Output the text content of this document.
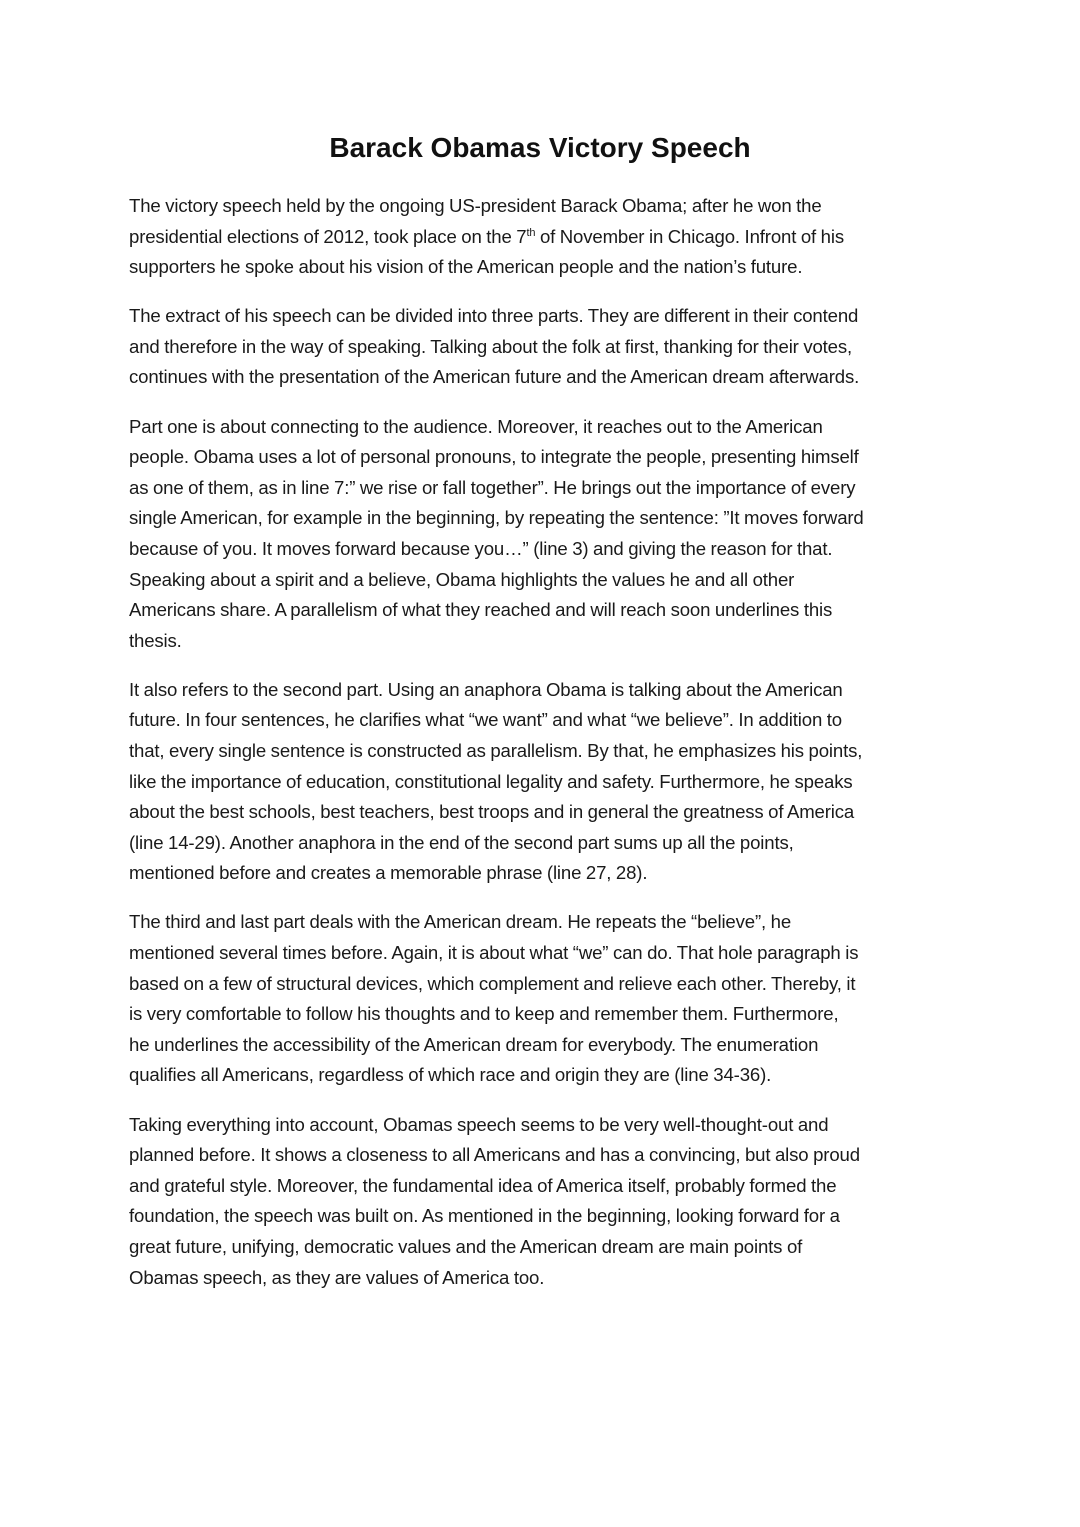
Barack Obamas Victory Speech

The victory speech held by the ongoing US-president Barack Obama; after he won the
presidential elections of 2012, took place on the 7th of November in Chicago. Infront of his
supporters he spoke about his vision of the American people and the nation’s future.

The extract of his speech can be divided into three parts. They are different in their contend
and therefore in the way of speaking. Talking about the folk at first, thanking for their votes,
continues with the presentation of the American future and the American dream afterwards.

Part one is about connecting to the audience. Moreover, it reaches out to the American
people. Obama uses a lot of personal pronouns, to integrate the people, presenting himself
as one of them, as in line 7:” we rise or fall together”. He brings out the importance of every
single American, for example in the beginning, by repeating the sentence: ”It moves forward
because of you. It moves forward because you…” (line 3) and giving the reason for that.
Speaking about a spirit and a believe, Obama highlights the values he and all other
Americans share. A parallelism of what they reached and will reach soon underlines this
thesis.

It also refers to the second part. Using an anaphora Obama is talking about the American
future. In four sentences, he clarifies what “we want” and what “we believe”. In addition to
that, every single sentence is constructed as parallelism. By that, he emphasizes his points,
like the importance of education, constitutional legality and safety. Furthermore, he speaks
about the best schools, best teachers, best troops and in general the greatness of America
(line 14-29). Another anaphora in the end of the second part sums up all the points,
mentioned before and creates a memorable phrase (line 27, 28).

The third and last part deals with the American dream. He repeats the “believe”, he
mentioned several times before. Again, it is about what “we” can do. That hole paragraph is
based on a few of structural devices, which complement and relieve each other. Thereby, it
is very comfortable to follow his thoughts and to keep and remember them. Furthermore,
he underlines the accessibility of the American dream for everybody. The enumeration
qualifies all Americans, regardless of which race and origin they are (line 34-36).

Taking everything into account, Obamas speech seems to be very well-thought-out and
planned before. It shows a closeness to all Americans and has a convincing, but also proud
and grateful style. Moreover, the fundamental idea of America itself, probably formed the
foundation, the speech was built on. As mentioned in the beginning, looking forward for a
great future, unifying, democratic values and the American dream are main points of
Obamas speech, as they are values of America too.
